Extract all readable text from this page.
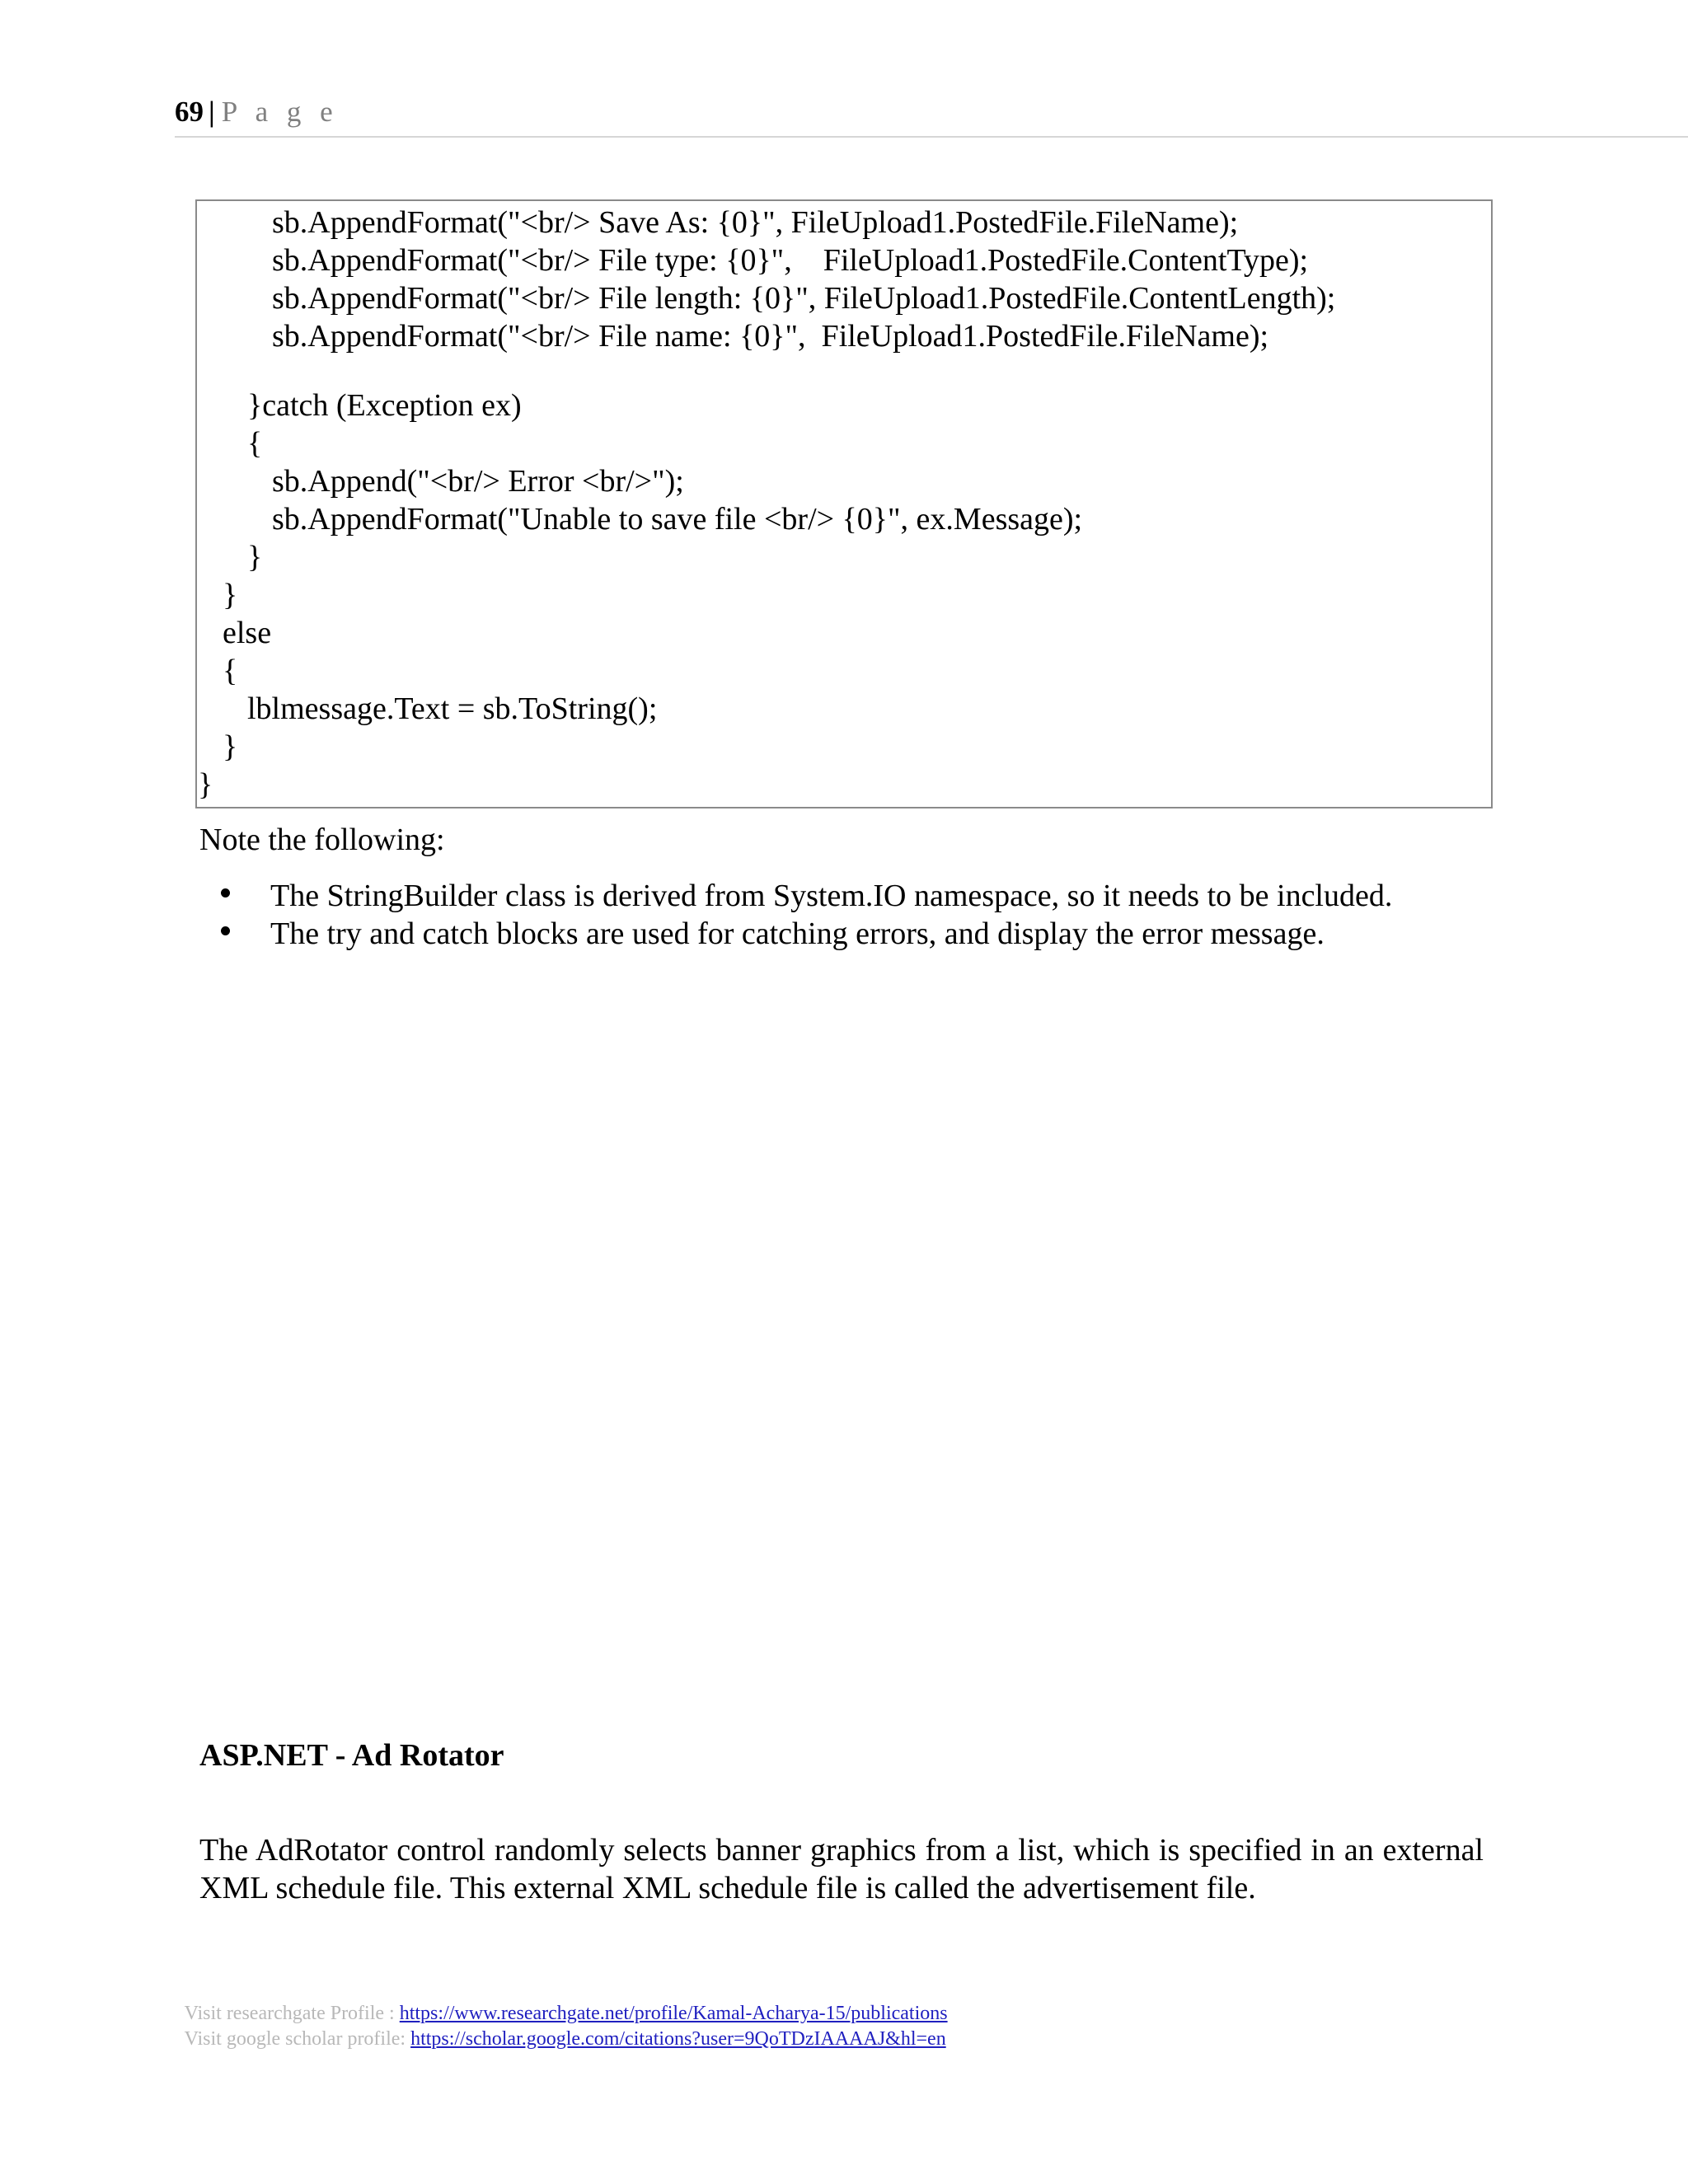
69 | P a g e
sb.AppendFormat("<br/> Save As: {0}", FileUpload1.PostedFile.FileName);
sb.AppendFormat("<br/> File type: {0}",    FileUpload1.PostedFile.ContentType);
sb.AppendFormat("<br/> File length: {0}", FileUpload1.PostedFile.ContentLength);
sb.AppendFormat("<br/> File name: {0}",  FileUpload1.PostedFile.FileName);
}catch (Exception ex)
{
sb.Append("<br/> Error <br/>");
sb.AppendFormat("Unable to save file <br/> {0}", ex.Message);
}
}
else
{
lblmessage.Text = sb.ToString();
}
}
Note the following:
The StringBuilder class is derived from System.IO namespace, so it needs to be included.
The try and catch blocks are used for catching errors, and display the error message.
ASP.NET - Ad Rotator
The AdRotator control randomly selects banner graphics from a list, which is specified in an external XML schedule file. This external XML schedule file is called the advertisement file.

Visit researchgate Profile : https://www.researchgate.net/profile/Kamal-Acharya-15/publications

Visit google scholar profile: https://scholar.google.com/citations?user=9QoTDzIAAAAJ&hl=en
